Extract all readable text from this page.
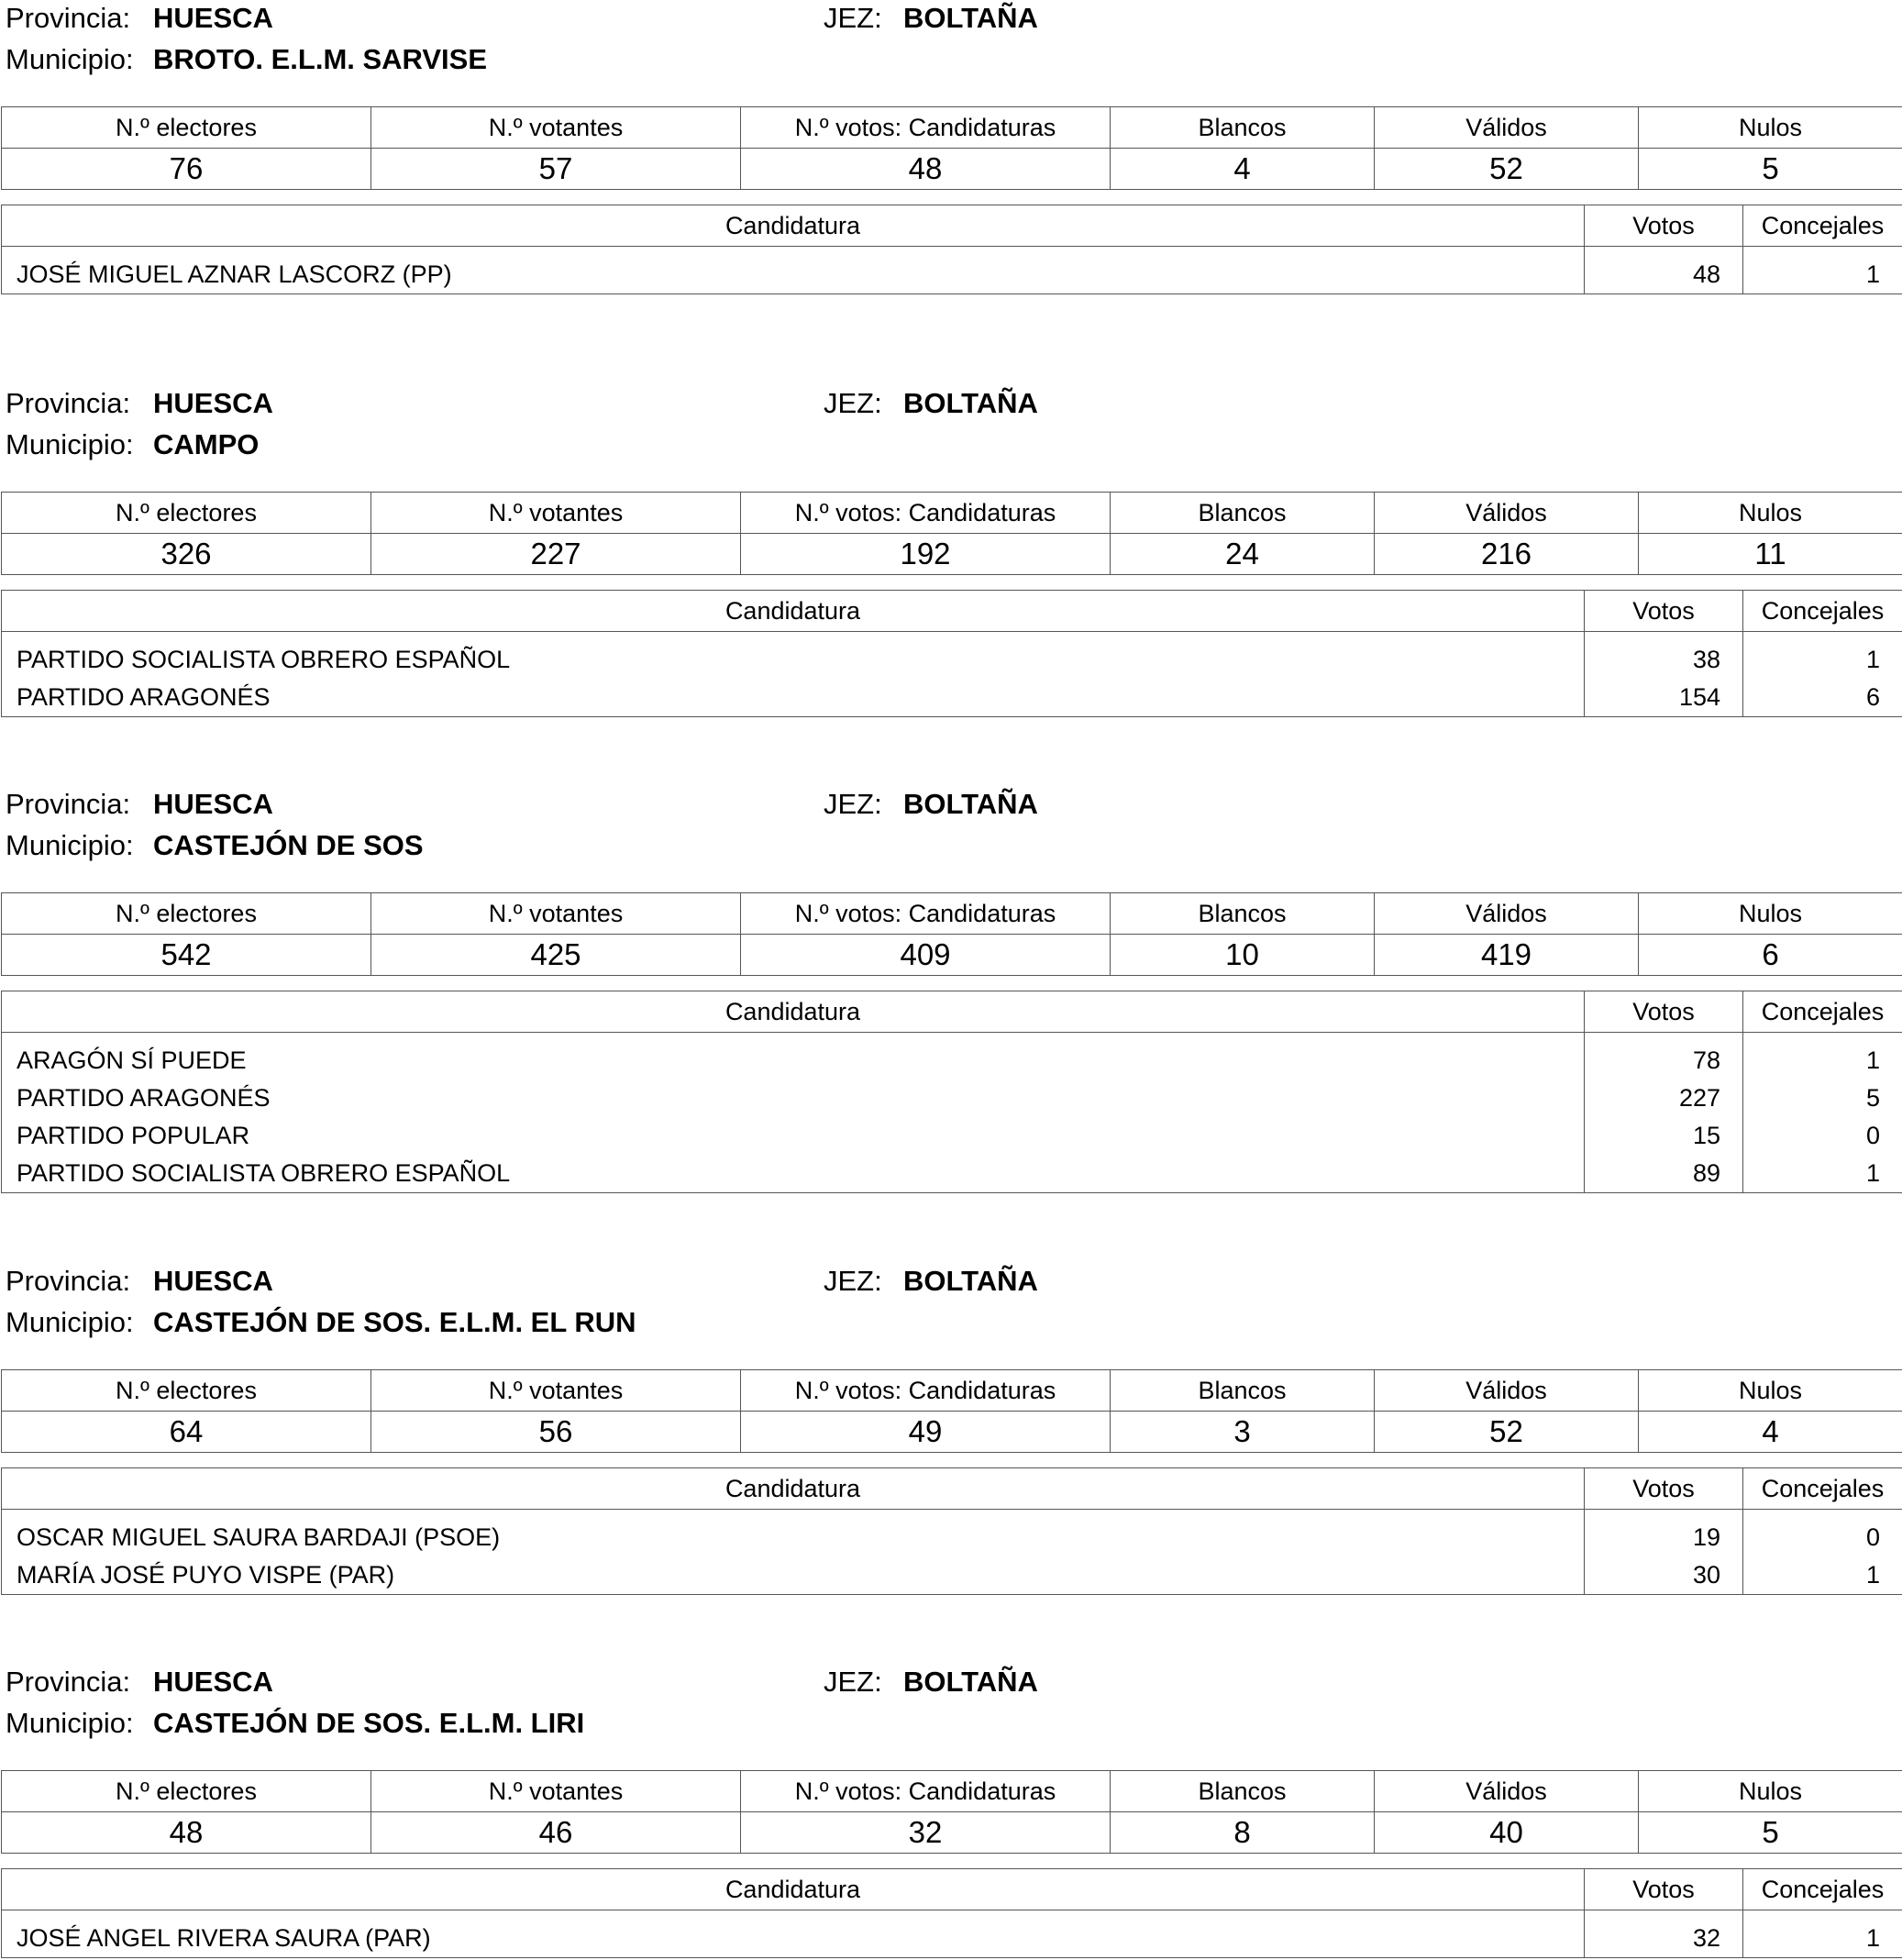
Provincia: HUESCA	JEZ: BOLTAÑA
Municipio: BROTO. E.L.M. SARVISE
N.º electores	N.º votantes	N.º votos: Candidaturas	Blancos	Válidos	Nulos
76	57	48	4	52	5
Candidatura	Votos	Concejales
JOSÉ MIGUEL AZNAR LASCORZ (PP)	48	1
Provincia: HUESCA	JEZ: BOLTAÑA
Municipio: CAMPO
N.º electores	N.º votantes	N.º votos: Candidaturas	Blancos	Válidos	Nulos
326	227	192	24	216	11
Candidatura	Votos	Concejales
PARTIDO SOCIALISTA OBRERO ESPAÑOL	38	1
PARTIDO ARAGONÉS	154	6
Provincia: HUESCA	JEZ: BOLTAÑA
Municipio: CASTEJÓN DE SOS
N.º electores	N.º votantes	N.º votos: Candidaturas	Blancos	Válidos	Nulos
542	425	409	10	419	6
Candidatura	Votos	Concejales
ARAGÓN SÍ PUEDE	78	1
PARTIDO ARAGONÉS	227	5
PARTIDO POPULAR	15	0
PARTIDO SOCIALISTA OBRERO ESPAÑOL	89	1
Provincia: HUESCA	JEZ: BOLTAÑA
Municipio: CASTEJÓN DE SOS. E.L.M. EL RUN
N.º electores	N.º votantes	N.º votos: Candidaturas	Blancos	Válidos	Nulos
64	56	49	3	52	4
Candidatura	Votos	Concejales
OSCAR MIGUEL SAURA BARDAJI (PSOE)	19	0
MARÍA JOSÉ PUYO VISPE (PAR)	30	1
Provincia: HUESCA	JEZ: BOLTAÑA
Municipio: CASTEJÓN DE SOS. E.L.M. LIRI
N.º electores	N.º votantes	N.º votos: Candidaturas	Blancos	Válidos	Nulos
48	46	32	8	40	5
Candidatura	Votos	Concejales
JOSÉ ANGEL RIVERA SAURA (PAR)	32	1
